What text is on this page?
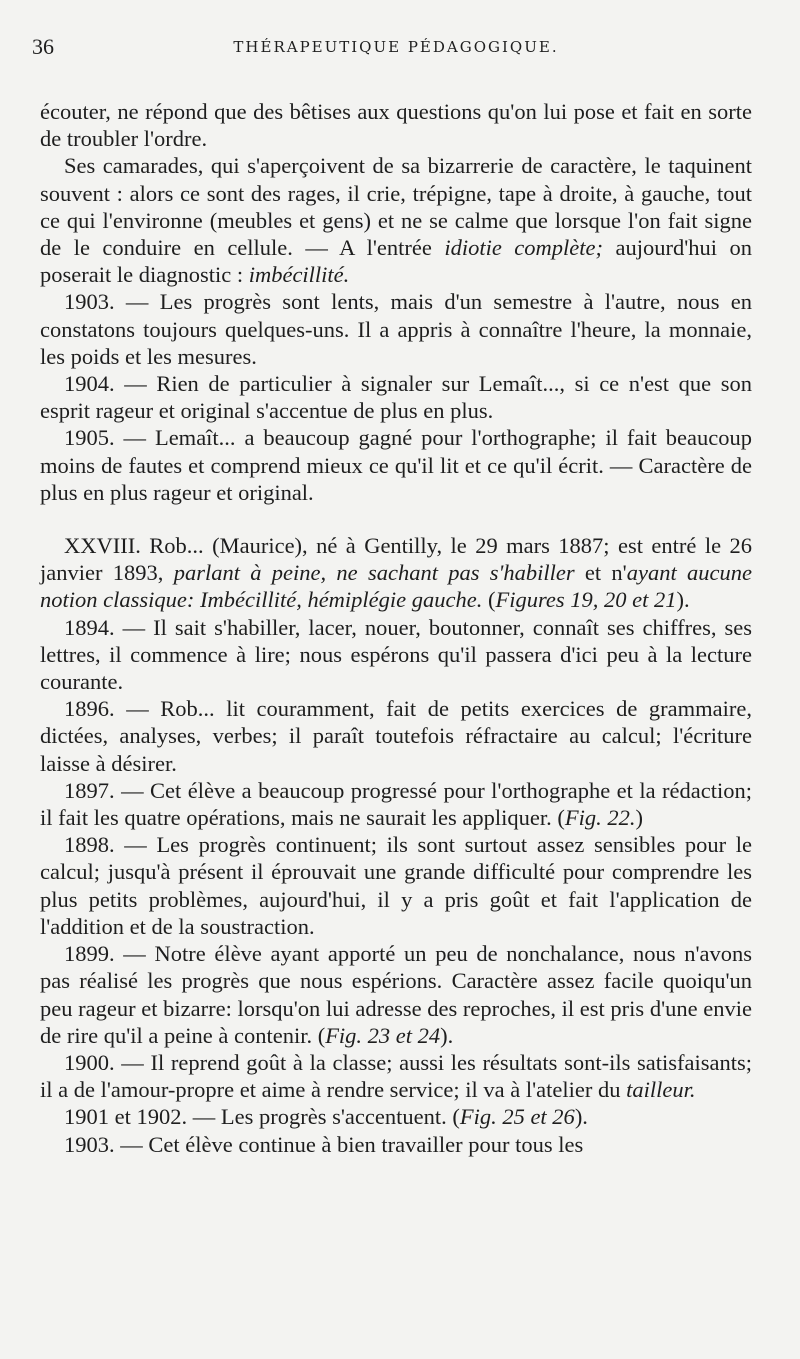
36	THÉRAPEUTIQUE PÉDAGOGIQUE.

écouter, ne répond que des bêtises aux questions qu'on lui pose et fait en sorte de troubler l'ordre.

Ses camarades, qui s'aperçoivent de sa bizarrerie de caractère, le taquinent souvent : alors ce sont des rages, il crie, trépigne, tape à droite, à gauche, tout ce qui l'environne (meubles et gens) et ne se calme que lorsque l'on fait signe de le conduire en cellule. — A l'entrée idiotie complète; aujourd'hui on poserait le diagnostic : imbécillité.

1903. — Les progrès sont lents, mais d'un semestre à l'autre, nous en constatons toujours quelques-uns. Il a appris à connaître l'heure, la monnaie, les poids et les mesures.

1904. — Rien de particulier à signaler sur Lemaît..., si ce n'est que son esprit rageur et original s'accentue de plus en plus.

1905. — Lemaît... a beaucoup gagné pour l'orthographe; il fait beaucoup moins de fautes et comprend mieux ce qu'il lit et ce qu'il écrit. — Caractère de plus en plus rageur et original.

XXVIII. Rob... (Maurice), né à Gentilly, le 29 mars 1887; est entré le 26 janvier 1893, parlant à peine, ne sachant pas s'habiller et n'ayant aucune notion classique: Imbécillité, hémiplégie gauche. (Figures 19, 20 et 21).

1894. — Il sait s'habiller, lacer, nouer, boutonner, connaît ses chiffres, ses lettres, il commence à lire; nous espérons qu'il passera d'ici peu à la lecture courante.

1896. — Rob... lit couramment, fait de petits exercices de grammaire, dictées, analyses, verbes; il paraît toutefois réfractaire au calcul; l'écriture laisse à désirer.

1897. — Cet élève a beaucoup progressé pour l'orthographe et la rédaction; il fait les quatre opérations, mais ne saurait les appliquer. (Fig. 22.)

1898. — Les progrès continuent; ils sont surtout assez sensibles pour le calcul; jusqu'à présent il éprouvait une grande difficulté pour comprendre les plus petits problèmes, aujourd'hui, il y a pris goût et fait l'application de l'addition et de la soustraction.

1899. — Notre élève ayant apporté un peu de nonchalance, nous n'avons pas réalisé les progrès que nous espérions. Caractère assez facile quoiqu'un peu rageur et bizarre: lorsqu'on lui adresse des reproches, il est pris d'une envie de rire qu'il a peine à contenir. (Fig. 23 et 24).

1900. — Il reprend goût à la classe; aussi les résultats sont-ils satisfaisants; il a de l'amour-propre et aime à rendre service; il va à l'atelier du tailleur.

1901 et 1902. — Les progrès s'accentuent. (Fig. 25 et 26).

1903. — Cet élève continue à bien travailler pour tous les
